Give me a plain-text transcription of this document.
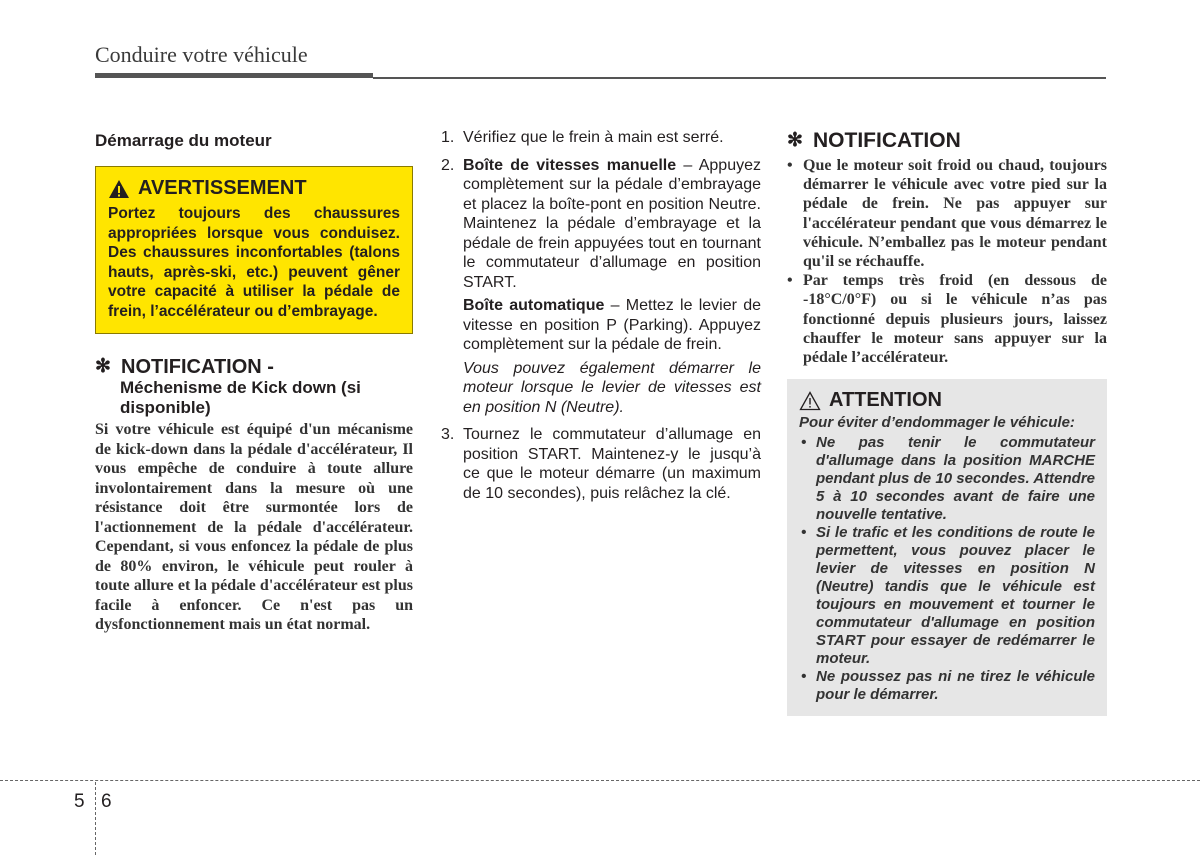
Conduire votre véhicule
Démarrage du moteur
AVERTISSEMENT
Portez toujours des chaussures appropriées lorsque vous conduisez. Des chaussures inconfortables (talons hauts, après-ski, etc.) peuvent gêner votre capacité à utiliser la pédale de frein, l’accélérateur ou d’embrayage.
✻ NOTIFICATION -
Méchenisme de Kick down (si disponible)

Si votre véhicule est équipé d'un mécanisme de kick-down dans la pédale d'accélérateur, Il vous empêche de conduire à toute allure involontairement dans la mesure où une résistance doit être surmontée lors de l'actionnement de la pédale d'accélérateur. Cependant, si vous enfoncez la pédale de plus de 80% environ, le véhicule peut rouler à toute allure et la pédale d'accélérateur est plus facile à enfoncer. Ce n'est pas un dysfonctionnement mais un état normal.

1. Vérifiez que le frein à main est serré.

2. Boîte de vitesses manuelle – Appuyez complètement sur la pédale d’embrayage et placez la boîte-pont en position Neutre. Maintenez la pédale d’embrayage et la pédale de frein appuyées tout en tournant le commutateur d’allumage en position START.

Boîte automatique – Mettez le levier de vitesse en position P (Parking). Appuyez complètement sur la pédale de frein.

Vous pouvez également démarrer le moteur lorsque le levier de vitesses est en position N (Neutre).

3. Tournez le commutateur d’allumage en position START. Maintenez-y le jusqu’à ce que le moteur démarre (un maximum de 10 secondes), puis relâchez la clé.

✻ NOTIFICATION
• Que le moteur soit froid ou chaud, toujours démarrer le véhicule avec votre pied sur la pédale de frein. Ne pas appuyer sur l'accélérateur pendant que vous démarrez le véhicule. N’emballez pas le moteur pendant qu'il se réchauffe.
• Par temps très froid (en dessous de -18°C/0°F) ou si le véhicule n’as pas fonctionné depuis plusieurs jours, laissez chauffer le moteur sans appuyer sur la pédale l’accélérateur.
ATTENTION
Pour éviter d’endommager le véhicule:
• Ne pas tenir le commutateur d'allumage dans la position MARCHE pendant plus de 10 secondes. Attendre 5 à 10 secondes avant de faire une nouvelle tentative.
• Si le trafic et les conditions de route le permettent, vous pouvez placer le levier de vitesses en position N (Neutre) tandis que le véhicule est toujours en mouvement et tourner le commutateur d'allumage en position START pour essayer de redémarrer le moteur.
• Ne poussez pas ni ne tirez le véhicule pour le démarrer.
5 6
